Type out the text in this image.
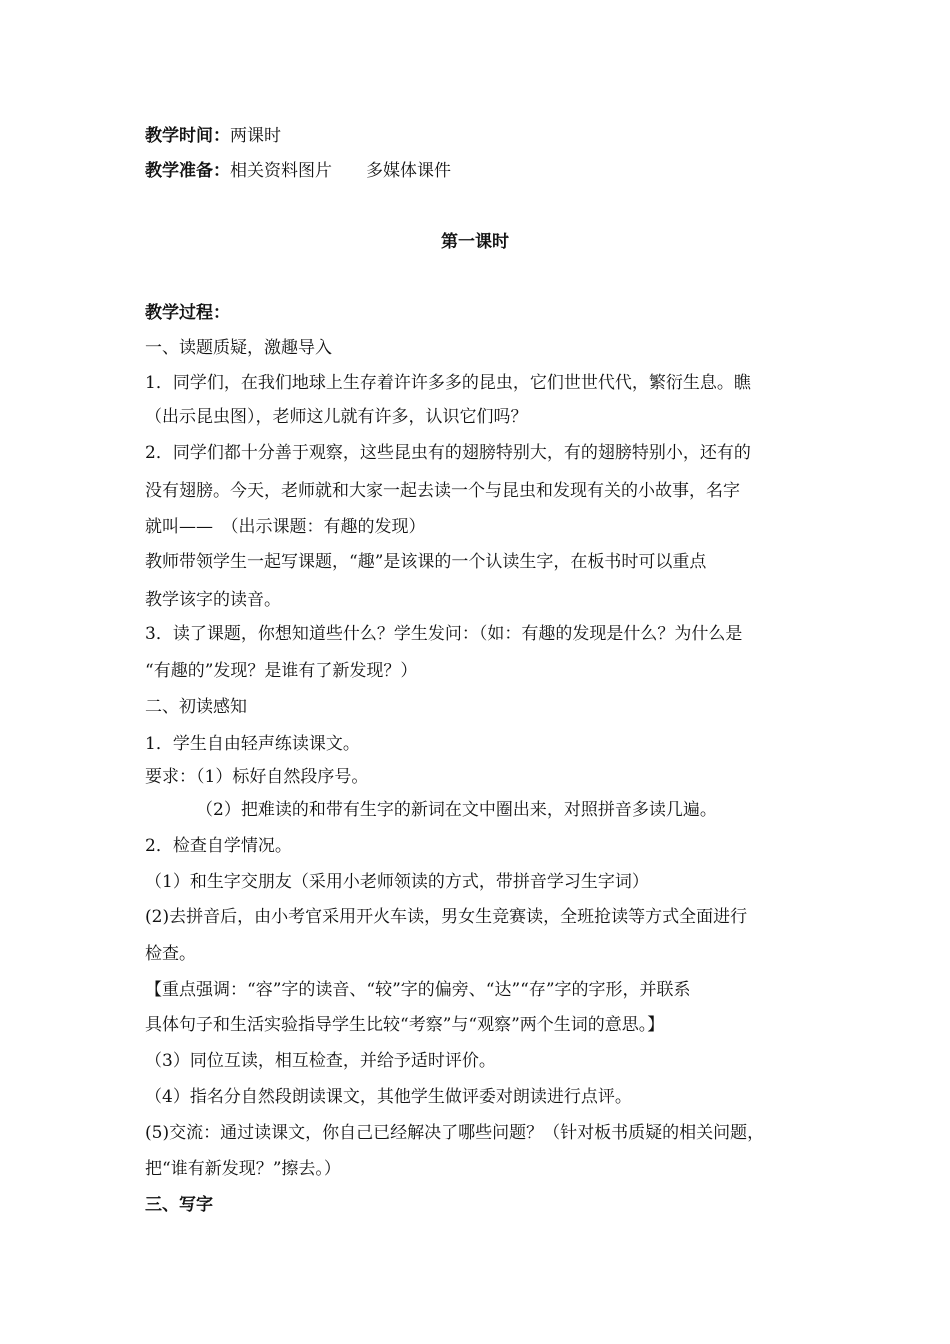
教学时间：两课时
教学准备：相关资料图片　　多媒体课件
第一课时
教学过程：
一、读题质疑，激趣导入
1．同学们，在我们地球上生存着许许多多的昆虫，它们世世代代，繁衍生息。瞧
（出示昆虫图），老师这儿就有许多，认识它们吗？
2．同学们都十分善于观察，这些昆虫有的翅膀特别大，有的翅膀特别小，还有的
没有翅膀。今天，老师就和大家一起去读一个与昆虫和发现有关的小故事，名字
就叫——　（出示课题：有趣的发现）
教师带领学生一起写课题，“趣”是该课的一个认读生字，在板书时可以重点
教学该字的读音。
3．读了课题，你想知道些什么？学生发问：（如：有趣的发现是什么？为什么是
“有趣的”发现？是谁有了新发现？）
二、初读感知
1．学生自由轻声练读课文。
要求：（1）标好自然段序号。
（2）把难读的和带有生字的新词在文中圈出来，对照拼音多读几遍。
2．检查自学情况。
（1）和生字交朋友（采用小老师领读的方式，带拼音学习生字词）
(2)去拼音后，由小考官采用开火车读，男女生竞赛读，全班抢读等方式全面进行
检查。
【重点强调：“容”字的读音、“较”字的偏旁、“达”“存”字的字形，并联系
具体句子和生活实验指导学生比较“考察”与“观察”两个生词的意思。】
（3）同位互读，相互检查，并给予适时评价。
（4）指名分自然段朗读课文，其他学生做评委对朗读进行点评。
(5)交流：通过读课文，你自己已经解决了哪些问题？（针对板书质疑的相关问题，
把“谁有新发现？”擦去。）
三、写字
